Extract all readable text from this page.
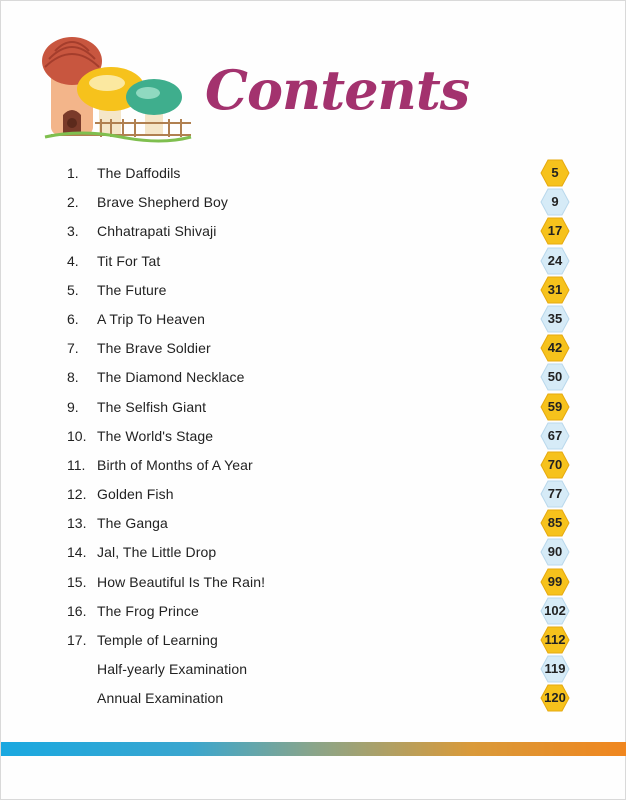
Contents
1. The Daffodils	5
2. Brave Shepherd Boy	9
3. Chhatrapati Shivaji	17
4. Tit For Tat	24
5. The Future	31
6. A Trip To Heaven	35
7. The Brave Soldier	42
8. The Diamond Necklace	50
9. The Selfish Giant	59
10. The World's Stage	67
11. Birth of Months of A Year	70
12. Golden Fish	77
13. The Ganga	85
14. Jal, The Little Drop	90
15. How Beautiful Is The Rain!	99
16. The Frog Prince	102
17. Temple of Learning	112
Half-yearly Examination	119
Annual Examination	120
